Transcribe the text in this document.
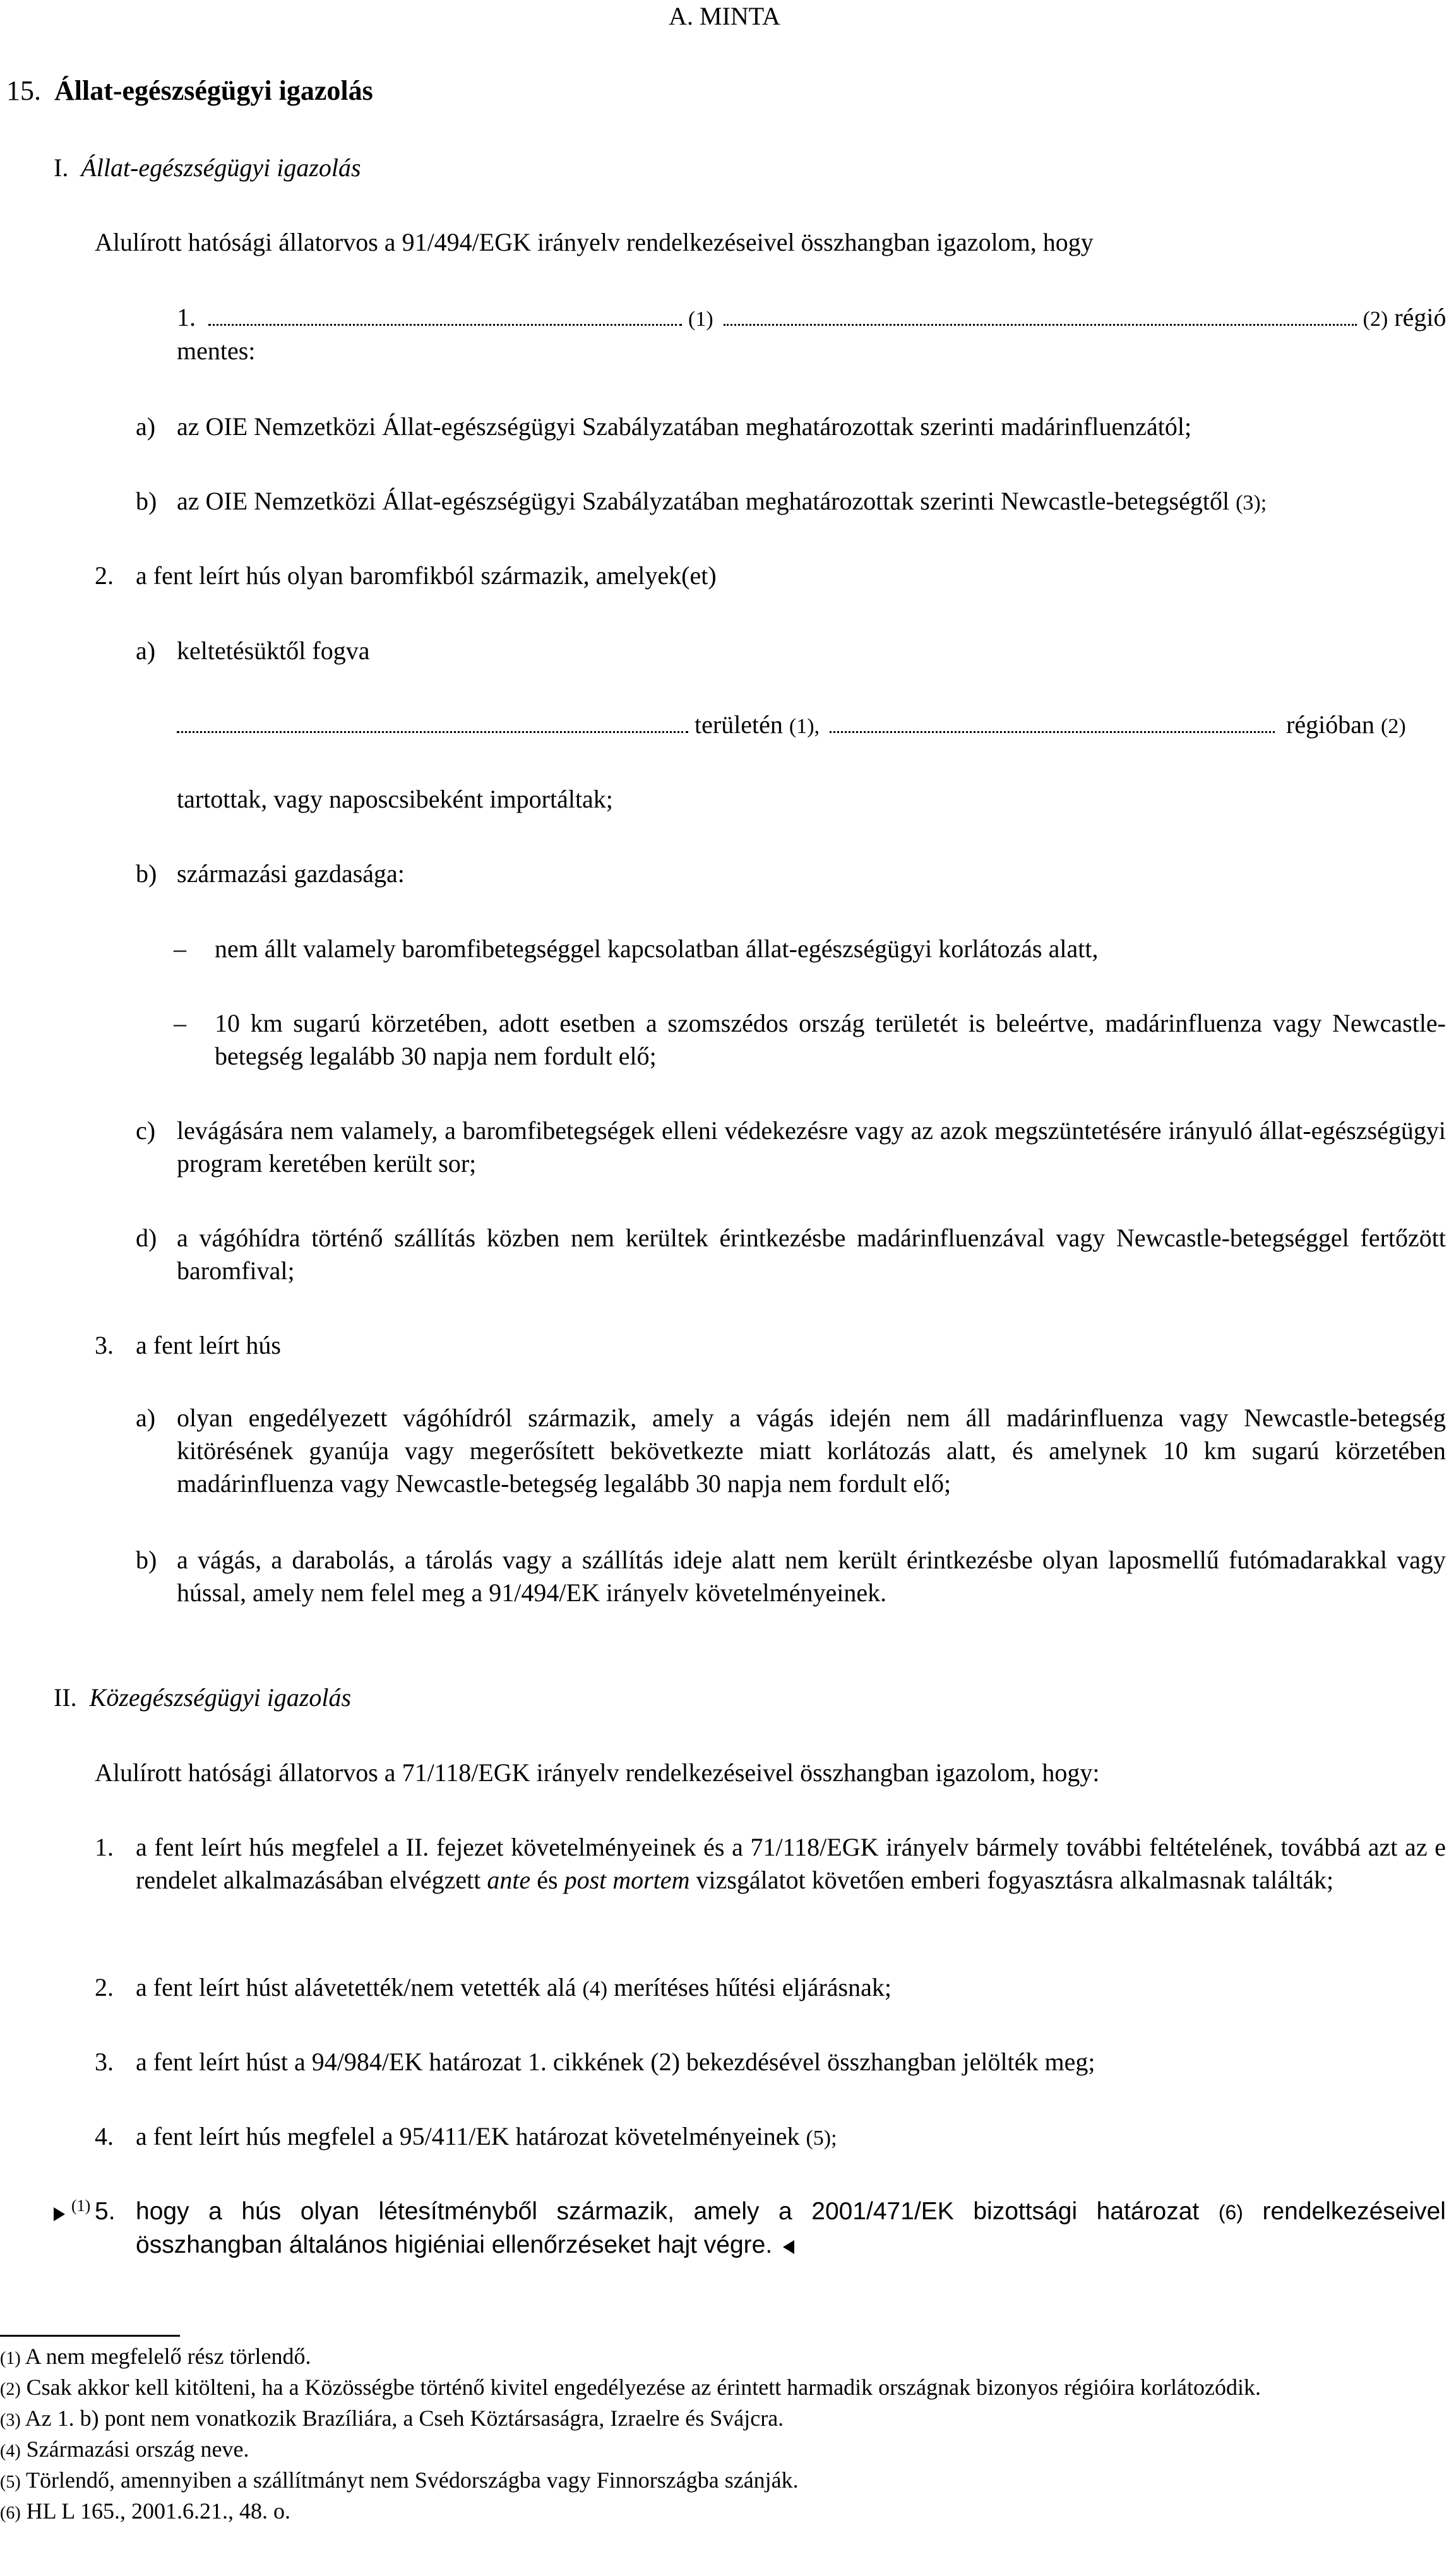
A. MINTA
15. Állat-egészségügyi igazolás
I. Állat-egészségügyi igazolás
Alulírott hatósági állatorvos a 91/494/EGK irányelv rendelkezéseivel összhangban igazolom, hogy
1.	(1)	(2) régió
mentes:
a) az OIE Nemzetközi Állat-egészségügyi Szabályzatában meghatározottak szerinti madárinfluenzától;
b) az OIE Nemzetközi Állat-egészségügyi Szabályzatában meghatározottak szerinti Newcastle-betegségtől (3);
2. a fent leírt hús olyan baromfikból származik, amelyek(et)
a) keltetésüktől fogva
területén (1),	régióban (2)
tartottak, vagy naposcsibeként importáltak;
b) származási gazdasága:
– nem állt valamely baromfibetegséggel kapcsolatban állat-egészségügyi korlátozás alatt,
– 10 km sugarú körzetében, adott esetben a szomszédos ország területét is beleértve, madárinfluenza vagy Newcastle-betegség legalább 30 napja nem fordult elő;
c) levágására nem valamely, a baromfibetegségek elleni védekezésre vagy az azok megszüntetésére irányuló állat-egészségügyi program keretében került sor;
d) a vágóhídra történő szállítás közben nem kerültek érintkezésbe madárinfluenzával vagy Newcastle-betegséggel fertőzött baromfival;
3. a fent leírt hús
a) olyan engedélyezett vágóhídról származik, amely a vágás idején nem áll madárinfluenza vagy Newcastle-betegség kitörésének gyanúja vagy megerősített bekövetkezte miatt korlátozás alatt, és amelynek 10 km sugarú körzetében madárinfluenza vagy Newcastle-betegség legalább 30 napja nem fordult elő;
b) a vágás, a darabolás, a tárolás vagy a szállítás ideje alatt nem került érintkezésbe olyan laposmellű futómadarakkal vagy hússal, amely nem felel meg a 91/494/EK irányelv követelményeinek.
II. Közegészségügyi igazolás
Alulírott hatósági állatorvos a 71/118/EGK irányelv rendelkezéseivel összhangban igazolom, hogy:
1. a fent leírt hús megfelel a II. fejezet követelményeinek és a 71/118/EGK irányelv bármely további feltételének, továbbá azt az e rendelet alkalmazásában elvégzett ante és post mortem vizsgálatot követően emberi fogyasztásra alkalmasnak találták;
2. a fent leírt húst alávetették/nem vetették alá (4) merítéses hűtési eljárásnak;
3. a fent leírt húst a 94/984/EK határozat 1. cikkének (2) bekezdésével összhangban jelölték meg;
4. a fent leírt hús megfelel a 95/411/EK határozat követelményeinek (5);
$^{(1)}$ 5. hogy a hús olyan létesítményből származik, amely a 2001/471/EK bizottsági határozat (6) rendelkezéseivel összhangban általános higiéniai ellenőrzéseket hajt végre.
(1) A nem megfelelő rész törlendő.
(2) Csak akkor kell kitölteni, ha a Közösségbe történő kivitel engedélyezése az érintett harmadik országnak bizonyos régióira korlátozódik.
(3) Az 1. b) pont nem vonatkozik Brazíliára, a Cseh Köztársaságra, Izraelre és Svájcra.
(4) Származási ország neve.
(5) Törlendő, amennyiben a szállítmányt nem Svédországba vagy Finnországba szánják.
(6) HL L 165., 2001.6.21., 48. o.
